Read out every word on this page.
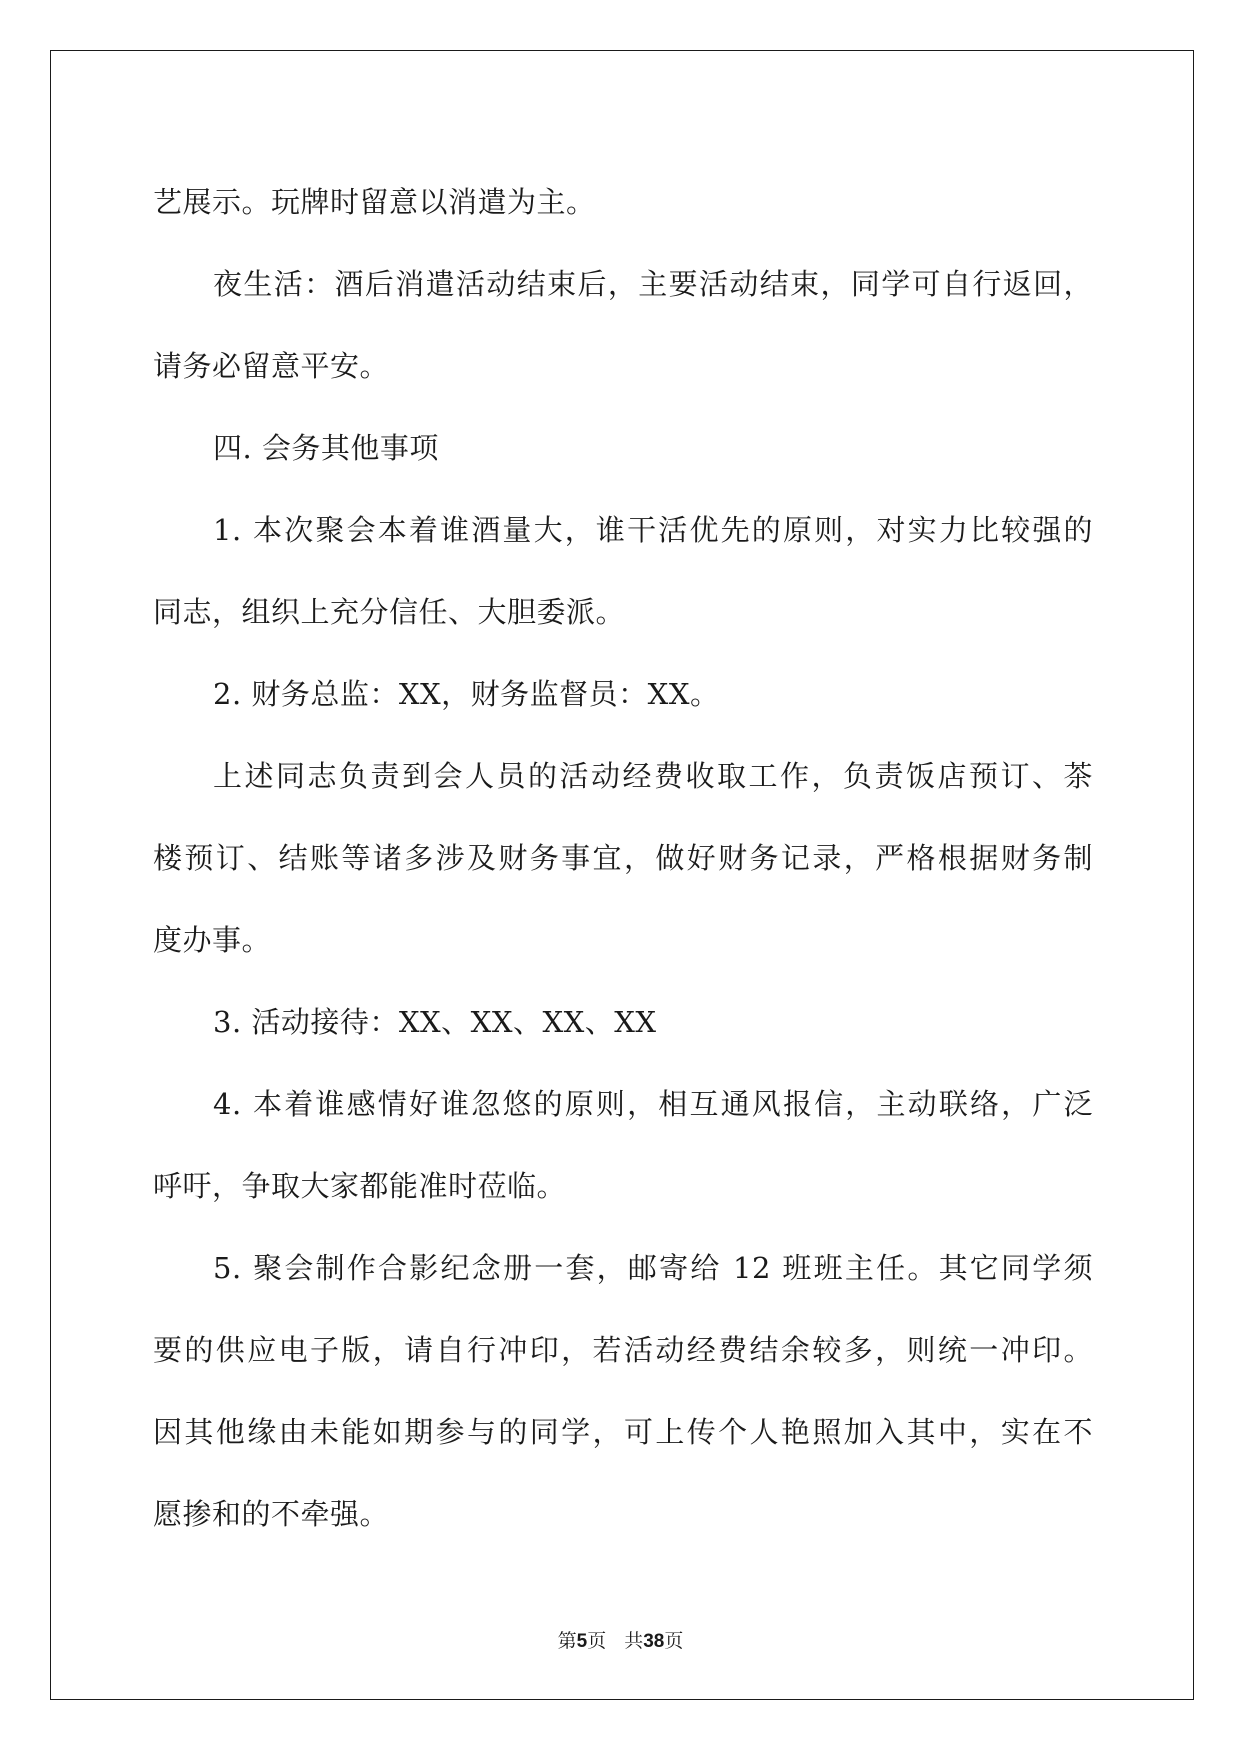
艺展示。玩牌时留意以消遣为主。
夜生活：酒后消遣活动结束后，主要活动结束，同学可自行返回，
请务必留意平安。
四. 会务其他事项
1. 本次聚会本着谁酒量大，谁干活优先的原则，对实力比较强的
同志，组织上充分信任、大胆委派。
2. 财务总监：XX，财务监督员：XX。
上述同志负责到会人员的活动经费收取工作，负责饭店预订、茶
楼预订、结账等诸多涉及财务事宜，做好财务记录，严格根据财务制
度办事。
3. 活动接待：XX、XX、XX、XX
4. 本着谁感情好谁忽悠的原则，相互通风报信，主动联络，广泛
呼吁，争取大家都能准时莅临。
5. 聚会制作合影纪念册一套，邮寄给 12 班班主任。其它同学须
要的供应电子版，请自行冲印，若活动经费结余较多，则统一冲印。
因其他缘由未能如期参与的同学，可上传个人艳照加入其中，实在不
愿掺和的不牵强。
第5页 共38页
